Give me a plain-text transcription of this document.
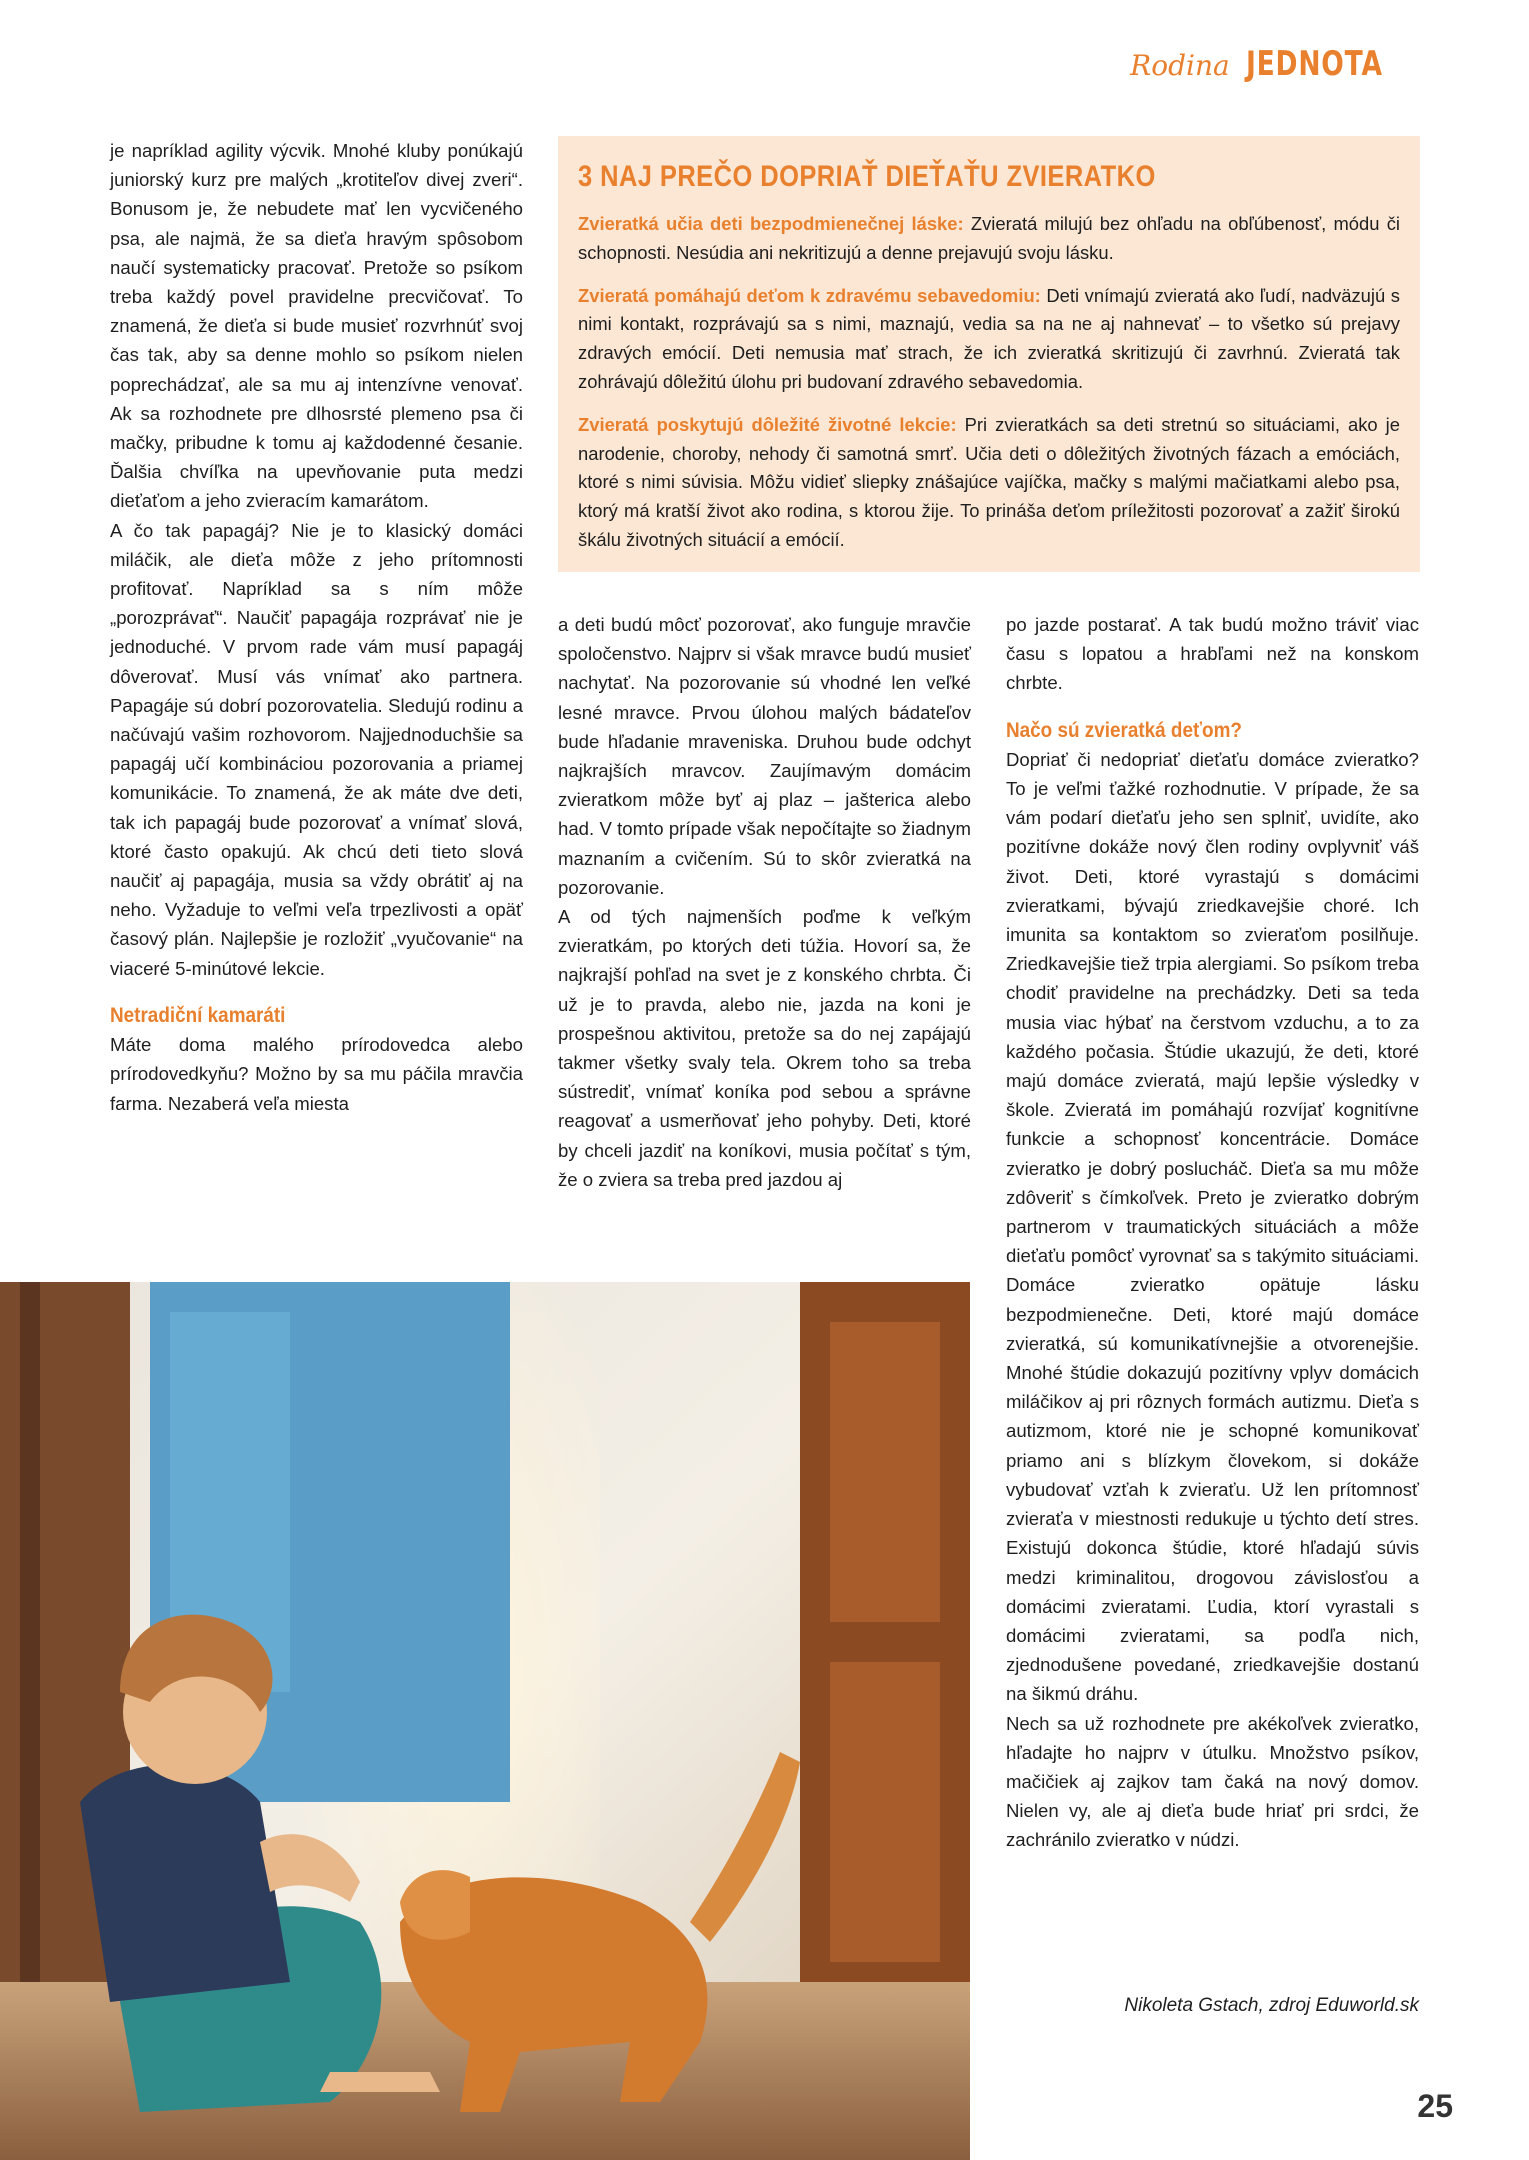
Rodina JEDNOTA

je napríklad agility výcvik. Mnohé kluby ponúkajú juniorský kurz pre malých „krotiteľov divej zveri“. Bonusom je, že nebudete mať len vycvičeného psa, ale najmä, že sa dieťa hravým spôsobom naučí systematicky pracovať. Pretože so psíkom treba každý povel pravidelne precvičovať. To znamená, že dieťa si bude musieť rozvrhnúť svoj čas tak, aby sa denne mohlo so psíkom nielen poprechádzať, ale sa mu aj intenzívne venovať. Ak sa rozhodnete pre dlhosrsté plemeno psa či mačky, pribudne k tomu aj každodenné česanie. Ďalšia chvíľka na upevňovanie puta medzi dieťaťom a jeho zvieracím kamarátom.

A čo tak papagáj? Nie je to klasický domáci miláčik, ale dieťa môže z jeho prítomnosti profitovať. Napríklad sa s ním môže „porozprávať“. Naučiť papagája rozprávať nie je jednoduché. V prvom rade vám musí papagáj dôverovať. Musí vás vnímať ako partnera. Papagáje sú dobrí pozorovatelia. Sledujú rodinu a načúvajú vašim rozhovorom. Najjednoduchšie sa papagáj učí kombináciou pozorovania a priamej komunikácie. To znamená, že ak máte dve deti, tak ich papagáj bude pozorovať a vnímať slová, ktoré často opakujú. Ak chcú deti tieto slová naučiť aj papagája, musia sa vždy obrátiť aj na neho. Vyžaduje to veľmi veľa trpezlivosti a opäť časový plán. Najlepšie je rozložiť „vyučovanie“ na viaceré 5-minútové lekcie.

Netradiční kamaráti

Máte doma malého prírodovedca alebo prírodovedkyňu? Možno by sa mu páčila mravčia farma. Nezaberá veľa miesta

3 NAJ PREČO DOPRIAŤ DIEŤAŤU ZVIERATKO

Zvieratká učia deti bezpodmienečnej láske: Zvieratá milujú bez ohľadu na obľúbenosť, módu či schopnosti. Nesúdia ani nekritizujú a denne prejavujú svoju lásku.

Zvieratá pomáhajú deťom k zdravému sebavedomiu: Deti vnímajú zvieratá ako ľudí, nadväzujú s nimi kontakt, rozprávajú sa s nimi, maznajú, vedia sa na ne aj nahnevať – to všetko sú prejavy zdravých emócií. Deti nemusia mať strach, že ich zvieratká skritizujú či zavrhnú. Zvieratá tak zohrávajú dôležitú úlohu pri budovaní zdravého sebavedomia.

Zvieratá poskytujú dôležité životné lekcie: Pri zvieratkách sa deti stretnú so situáciami, ako je narodenie, choroby, nehody či samotná smrť. Učia deti o dôležitých životných fázach a emóciách, ktoré s nimi súvisia. Môžu vidieť sliepky znášajúce vajíčka, mačky s malými mačiatkami alebo psa, ktorý má kratší život ako rodina, s ktorou žije. To prináša deťom príležitosti pozorovať a zažiť širokú škálu životných situácií a emócií.

a deti budú môcť pozorovať, ako funguje mravčie spoločenstvo. Najprv si však mravce budú musieť nachytať. Na pozorovanie sú vhodné len veľké lesné mravce. Prvou úlohou malých bádateľov bude hľadanie mraveniska. Druhou bude odchyt najkrajších mravcov. Zaujímavým domácim zvieratkom môže byť aj plaz – jašterica alebo had. V tomto prípade však nepočítajte so žiadnym maznaním a cvičením. Sú to skôr zvieratká na pozorovanie.

A od tých najmenších poďme k veľkým zvieratkám, po ktorých deti túžia. Hovorí sa, že najkrajší pohľad na svet je z konského chrbta. Či už je to pravda, alebo nie, jazda na koni je prospešnou aktivitou, pretože sa do nej zapájajú takmer všetky svaly tela. Okrem toho sa treba sústrediť, vnímať koníka pod sebou a správne reagovať a usmerňovať jeho pohyby. Deti, ktoré by chceli jazdiť na koníkovi, musia počítať s tým, že o zviera sa treba pred jazdou aj

po jazde postarať. A tak budú možno tráviť viac času s lopatou a hrabľami než na konskom chrbte.

Načo sú zvieratká deťom?

Dopriať či nedopriať dieťaťu domáce zvieratko? To je veľmi ťažké rozhodnutie. V prípade, že sa vám podarí dieťaťu jeho sen splniť, uvidíte, ako pozitívne dokáže nový člen rodiny ovplyvniť váš život. Deti, ktoré vyrastajú s domácimi zvieratkami, bývajú zriedkavejšie choré. Ich imunita sa kontaktom so zvieraťom posilňuje. Zriedkavejšie tiež trpia alergiami. So psíkom treba chodiť pravidelne na prechádzky. Deti sa teda musia viac hýbať na čerstvom vzduchu, a to za každého počasia. Štúdie ukazujú, že deti, ktoré majú domáce zvieratá, majú lepšie výsledky v škole. Zvieratá im pomáhajú rozvíjať kognitívne funkcie a schopnosť koncentrácie. Domáce zvieratko je dobrý poslucháč. Dieťa sa mu môže zdôveriť s čímkoľvek. Preto je zvieratko dobrým partnerom v traumatických situáciách a môže dieťaťu pomôcť vyrovnať sa s takýmito situáciami. Domáce zvieratko opätuje lásku bezpodmienečne. Deti, ktoré majú domáce zvieratká, sú komunikatívnejšie a otvorenejšie. Mnohé štúdie dokazujú pozitívny vplyv domácich miláčikov aj pri rôznych formách autizmu. Dieťa s autizmom, ktoré nie je schopné komunikovať priamo ani s blízkym človekom, si dokáže vybudovať vzťah k zvieraťu. Už len prítomnosť zvieraťa v miestnosti redukuje u týchto detí stres. Existujú dokonca štúdie, ktoré hľadajú súvis medzi kriminalitou, drogovou závislosťou a domácimi zvieratami. Ľudia, ktorí vyrastali s domácimi zvieratami, sa podľa nich, zjednodušene povedané, zriedkavejšie dostanú na šikmú dráhu.

Nech sa už rozhodnete pre akékoľvek zvieratko, hľadajte ho najprv v útulku. Množstvo psíkov, mačičiek aj zajkov tam čaká na nový domov. Nielen vy, ale aj dieťa bude hriať pri srdci, že zachránilo zvieratko v núdzi.

Nikoleta Gstach, zdroj Eduworld.sk
25
